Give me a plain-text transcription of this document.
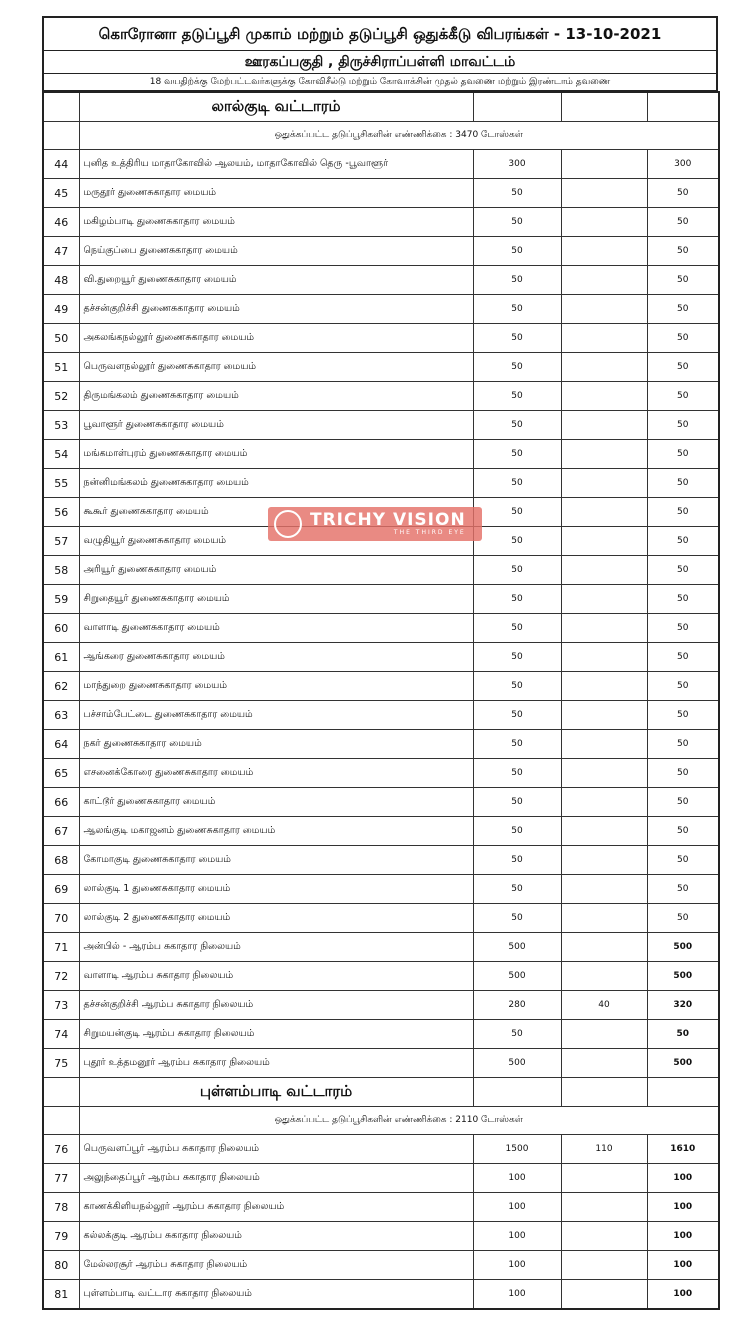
கொரோனா தடுப்பூசி முகாம் மற்றும் தடுப்பூசி ஒதுக்கீடு விபரங்கள் - 13-10-2021
ஊரகப்பகுதி , திருச்சிராப்பள்ளி மாவட்டம்
18 வயதிற்க்கு மேற்பட்டவர்களுக்கு கோவிசீல்டு மற்றும் கோவாக்சின் முதல் தவணை மற்றும் இரண்டாம் தவணை
	லால்குடி வட்டாரம்			
	ஒதுக்கப்பட்ட தடுப்பூசிகளின் எண்ணிக்கை : 3470 டோஸ்கள்			
44	புனித உத்திரிய மாதாகோவில் ஆலயம், மாதாகோவில் தெரு -பூவாளூர்	300		300
45	மருதூர் துணைசுகாதார மையம்	50		50
46	மகிழம்பாடி துணைசுகாதார மையம்	50		50
47	நெய்குப்பை துணைசுகாதார மையம்	50		50
48	வி.துறையூர் துணைசுகாதார மையம்	50		50
49	தச்சன்குறிச்சி துணைசுகாதார மையம்	50		50
50	அகலங்கநல்லூர் துணைசுகாதார மையம்	50		50
51	பெருவளநல்லூர் துணைசுகாதார மையம்	50		50
52	திருமங்கலம் துணைசுகாதார மையம்	50		50
53	பூவாளூர் துணைசுகாதார மையம்	50		50
54	மங்கமாள்புரம் துணைசுகாதார மையம்	50		50
55	நன்னிமங்கலம் துணைசுகாதார மையம்	50		50
56	கூகூர் துணைசுகாதார மையம்	50		50
57	வழுதியூர் துணைசுகாதார மையம்	50		50
58	அரியூர் துணைசுகாதார மையம்	50		50
59	சிறுதையூர் துணைசுகாதார மையம்	50		50
60	வாளாடி துணைசுகாதார மையம்	50		50
61	ஆங்கரை துணைசுகாதார மையம்	50		50
62	மாந்துறை துணைசுகாதார மையம்	50		50
63	பச்சாம்பேட்டை துணைசுகாதார மையம்	50		50
64	நகர் துணைசுகாதார மையம்	50		50
65	எசனைக்கோரை துணைசுகாதார மையம்	50		50
66	காட்டூர் துணைசுகாதார மையம்	50		50
67	ஆலங்குடி மகாஜனம் துணைசுகாதார மையம்	50		50
68	கோமாகுடி துணைசுகாதார மையம்	50		50
69	லால்குடி 1 துணைசுகாதார மையம்	50		50
70	லால்குடி 2 துணைசுகாதார மையம்	50		50
71	அன்பில் - ஆரம்ப சுகாதார நிலையம்	500		500
72	வாளாடி ஆரம்ப சுகாதார நிலையம்	500		500
73	தச்சன்குறிச்சி ஆரம்ப சுகாதார நிலையம்	280	40	320
74	சிறுமயன்குடி ஆரம்ப சுகாதார நிலையம்	50		50
75	புதூர் உத்தமனூர் ஆரம்ப சுகாதார நிலையம்	500		500
	புள்ளம்பாடி வட்டாரம்			
	ஒதுக்கப்பட்ட தடுப்பூசிகளின் எண்ணிக்கை : 2110 டோஸ்கள்			
76	பெருவளப்பூர் ஆரம்ப சுகாதார நிலையம்	1500	110	1610
77	அலுந்தைப்பூர் ஆரம்ப சுகாதார நிலையம்	100		100
78	காணக்கிளியநல்லூர் ஆரம்ப சுகாதார நிலையம்	100		100
79	கல்லக்குடி ஆரம்ப சுகாதார நிலையம்	100		100
80	மேல்லரசூர் ஆரம்ப சுகாதார நிலையம்	100		100
81	புள்ளம்பாடி வட்டார சுகாதார நிலையம்	100		100
TRICHY VISION
THE THIRD EYE
